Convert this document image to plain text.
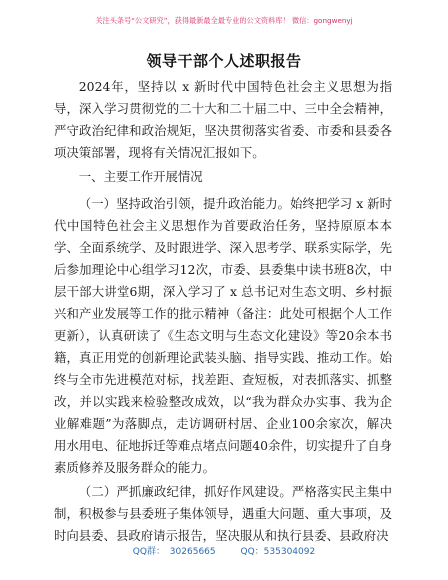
关注头条号“公文研究”，获得最新最全最专业的公文资料库！ 微信：gongwenyj
领导干部个人述职报告

2024年，坚持以 x 新时代中国特色社会主义思想为指导，深入学习贯彻党的二十大和二十届二中、三中全会精神，严守政治纪律和政治规矩，坚决贯彻落实省委、市委和县委各项决策部署，现将有关情况汇报如下。

一、主要工作开展情况

（一）坚持政治引领，提升政治能力。始终把学习 x 新时代中国特色社会主义思想作为首要政治任务，坚持原原本本学、全面系统学、及时跟进学、深入思考学、联系实际学，先后参加理论中心组学习12次，市委、县委集中读书班8次，中层干部大讲堂6期，深入学习了 x 总书记对生态文明、乡村振兴和产业发展等工作的批示精神（备注：此处可根据个人工作更新），认真研读了《生态文明与生态文化建设》等20余本书籍，真正用党的创新理论武装头脑、指导实践、推动工作。始终与全市先进模范对标，找差距、查短板，对表抓落实、抓整改，并以实践来检验整改成效，以“我为群众办实事、我为企业解难题”为落脚点，走访调研村居、企业100余家次，解决用水用电、征地拆迁等难点堵点问题40余件，切实提升了自身素质修养及服务群众的能力。

（二）严抓廉政纪律，抓好作风建设。严格落实民主集中制，积极参与县委班子集体领导，遇重大问题、重大事项，及时向县委、县政府请示报告，坚决服从和执行县委、县政府决

QQ群： 30265665	QQ：535304092
